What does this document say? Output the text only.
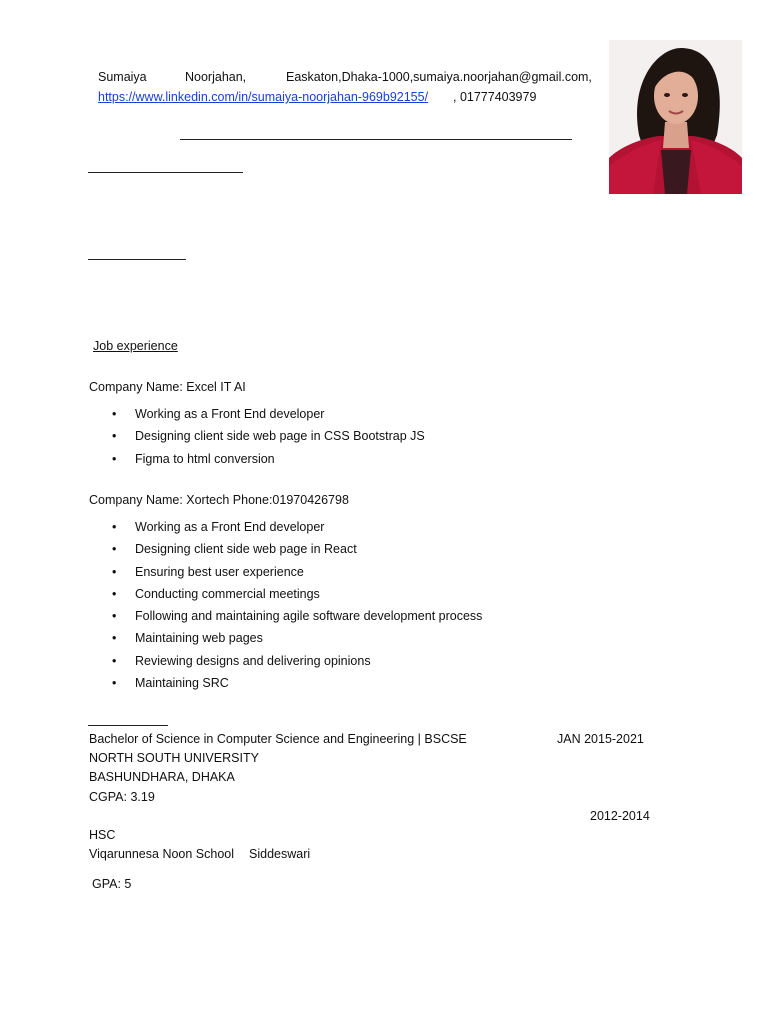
Sumaiya	Noorjahan,	Easkaton,Dhaka-1000,sumaiya.noorjahan@gmail.com,
https://www.linkedin.com/in/sumaiya-noorjahan-969b92155/ , 01777403979
Job experience
Company Name: Excel IT AI
• Working as a Front End developer
• Designing client side web page in CSS Bootstrap JS
• Figma to html conversion
Company Name: Xortech Phone:01970426798
• Working as a Front End developer
• Designing client side web page in React
• Ensuring best user experience
• Conducting commercial meetings
• Following and maintaining agile software development process
• Maintaining web pages
• Reviewing designs and delivering opinions
• Maintaining SRC
Bachelor of Science in Computer Science and Engineering | BSCSE	JAN 2015-2021
NORTH SOUTH UNIVERSITY
BASHUNDHARA, DHAKA
CGPA: 3.19
2012-2014
HSC
Viqarunnesa Noon School Siddeswari
GPA: 5
